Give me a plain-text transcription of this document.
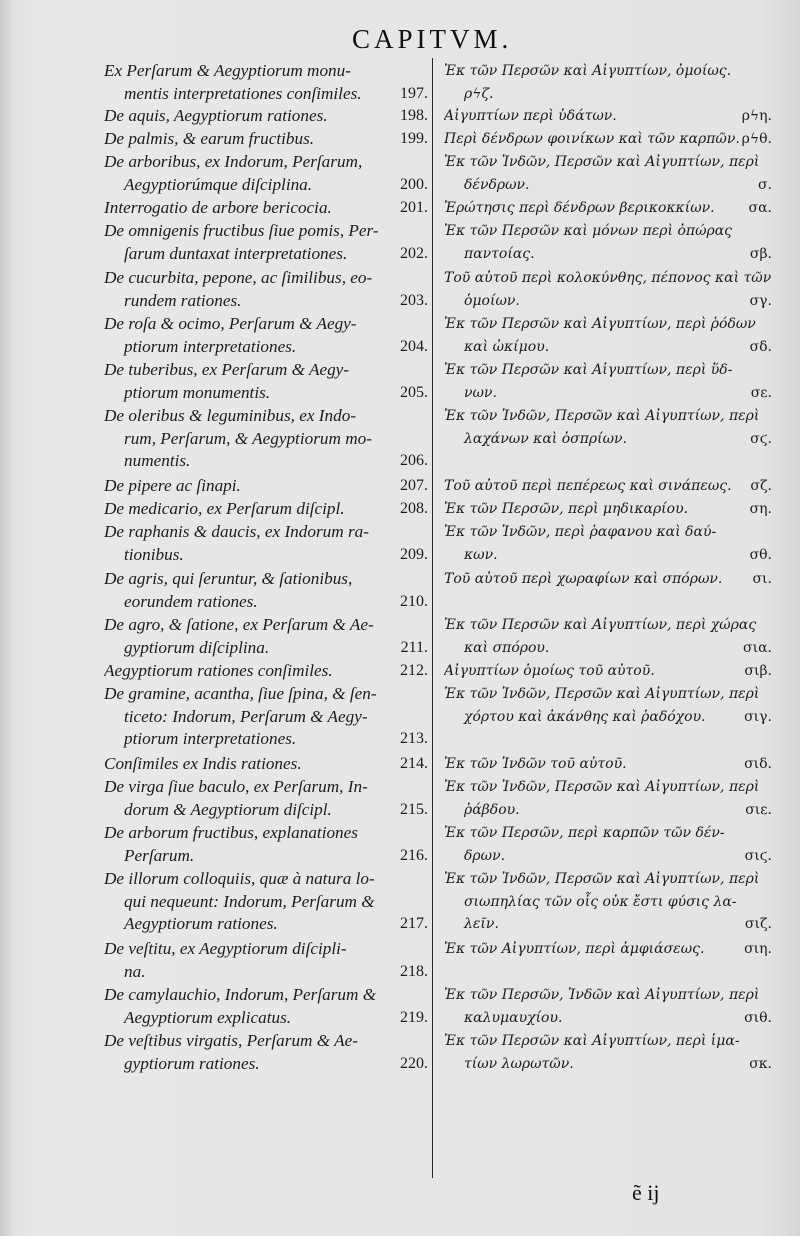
CAPITVM.
Ex Perſarum & Aegyptiorum monu-
mentis interpretationes conſimiles.	197.
De aquis, Aegyptiorum rationes.	198.
De palmis, & earum fructibus.	199.
De arboribus, ex Indorum, Perſarum,
Aegyptiorúmque diſciplina.	200.
Interrogatio de arbore bericocia.	201.
De omnigenis fructibus ſiue pomis, Per-
ſarum duntaxat interpretationes.	202.
De cucurbita, pepone, ac ſimilibus, eo-
rundem rationes.	203.
De roſa & ocimo, Perſarum & Aegy-
ptiorum interpretationes.	204.
De tuberibus, ex Perſarum & Aegy-
ptiorum monumentis.	205.
De oleribus & leguminibus, ex Indo-
rum, Perſarum, & Aegyptiorum mo-
numentis.	206.
De pipere ac ſinapi.	207.
De medicario, ex Perſarum diſcipl.	208.
De raphanis & daucis, ex Indorum ra-
tionibus.	209.
De agris, qui ſeruntur, & ſationibus,
eorundem rationes.	210.
De agro, & ſatione, ex Perſarum & Ae-
gyptiorum diſciplina.	211.
Aegyptiorum rationes conſimiles.	212.
De gramine, acantha, ſiue ſpina, & ſen-
ticeto: Indorum, Perſarum & Aegy-
ptiorum interpretationes.	213.
Conſimiles ex Indis rationes.	214.
De virga ſiue baculo, ex Perſarum, In-
dorum & Aegyptiorum diſcipl.	215.
De arborum fructibus, explanationes
Perſarum.	216.
De illorum colloquiis, quæ à natura lo-
qui nequeunt: Indorum, Perſarum &
Aegyptiorum rationes.	217.
De veſtitu, ex Aegyptiorum diſcipli-
na.	218.
De camylauchio, Indorum, Perſarum &
Aegyptiorum explicatus.	219.
De veſtibus virgatis, Perſarum & Ae-
gyptiorum rationes.	220.
Ἐκ τῶν Περσῶν καὶ Αἰγυπτίων, ὁμοίως.
ρϟζ.
Αἰγυπτίων περὶ ὑδάτων.	ρϟη.
Περὶ δένδρων φοινίκων καὶ τῶν καρπῶν. ρϟθ.
Ἐκ τῶν Ἰνδῶν, Περσῶν καὶ Αἰγυπτίων, περὶ
δένδρων.	σ.
Ἐρώτησις περὶ δένδρων βερικοκκίων.	σα.
Ἐκ τῶν Περσῶν καὶ μόνων περὶ ὀπώρας
παντοίας.	σβ.
Τοῦ αὐτοῦ περὶ κολοκύνθης, πέπονος καὶ τῶν
ὁμοίων.	σγ.
Ἐκ τῶν Περσῶν καὶ Αἰγυπτίων, περὶ ῥόδων
καὶ ὠκίμου.	σδ.
Ἐκ τῶν Περσῶν καὶ Αἰγυπτίων, περὶ ὕδ-
νων.	σε.
Ἐκ τῶν Ἰνδῶν, Περσῶν καὶ Αἰγυπτίων, περὶ
λαχάνων καὶ ὀσπρίων.	σϛ.
Τοῦ αὐτοῦ περὶ πεπέρεως καὶ σινάπεως.	σζ.
Ἐκ τῶν Περσῶν, περὶ μηδικαρίου.	ση.
Ἐκ τῶν Ἰνδῶν, περὶ ῥαφανου καὶ δαύ-
κων.	σθ.
Τοῦ αὐτοῦ περὶ χωραφίων καὶ σπόρων.	σι.
Ἐκ τῶν Περσῶν καὶ Αἰγυπτίων, περὶ χώρας
καὶ σπόρου.	σια.
Αἰγυπτίων ὁμοίως τοῦ αὐτοῦ.	σιβ.
Ἐκ τῶν Ἰνδῶν, Περσῶν καὶ Αἰγυπτίων, περὶ
χόρτου καὶ ἀκάνθης καὶ ῥαδόχου.	σιγ.
Ἐκ τῶν Ἰνδῶν τοῦ αὐτοῦ.	σιδ.
Ἐκ τῶν Ἰνδῶν, Περσῶν καὶ Αἰγυπτίων, περὶ
ῥάβδου.	σιε.
Ἐκ τῶν Περσῶν, περὶ καρπῶν τῶν δέν-
δρων.	σιϛ.
Ἐκ τῶν Ἰνδῶν, Περσῶν καὶ Αἰγυπτίων, περὶ
σιωπηλίας τῶν οἷς οὐκ ἔστι φύσις λα-
λεῖν.	σιζ.
Ἐκ τῶν Αἰγυπτίων, περὶ ἀμφιάσεως.	σιη.
Ἐκ τῶν Περσῶν, Ἰνδῶν καὶ Αἰγυπτίων, περὶ
καλυμαυχίου.	σιθ.
Ἐκ τῶν Περσῶν καὶ Αἰγυπτίων, περὶ ἱμα-
τίων λωρωτῶν.	σκ.
ẽ ij
